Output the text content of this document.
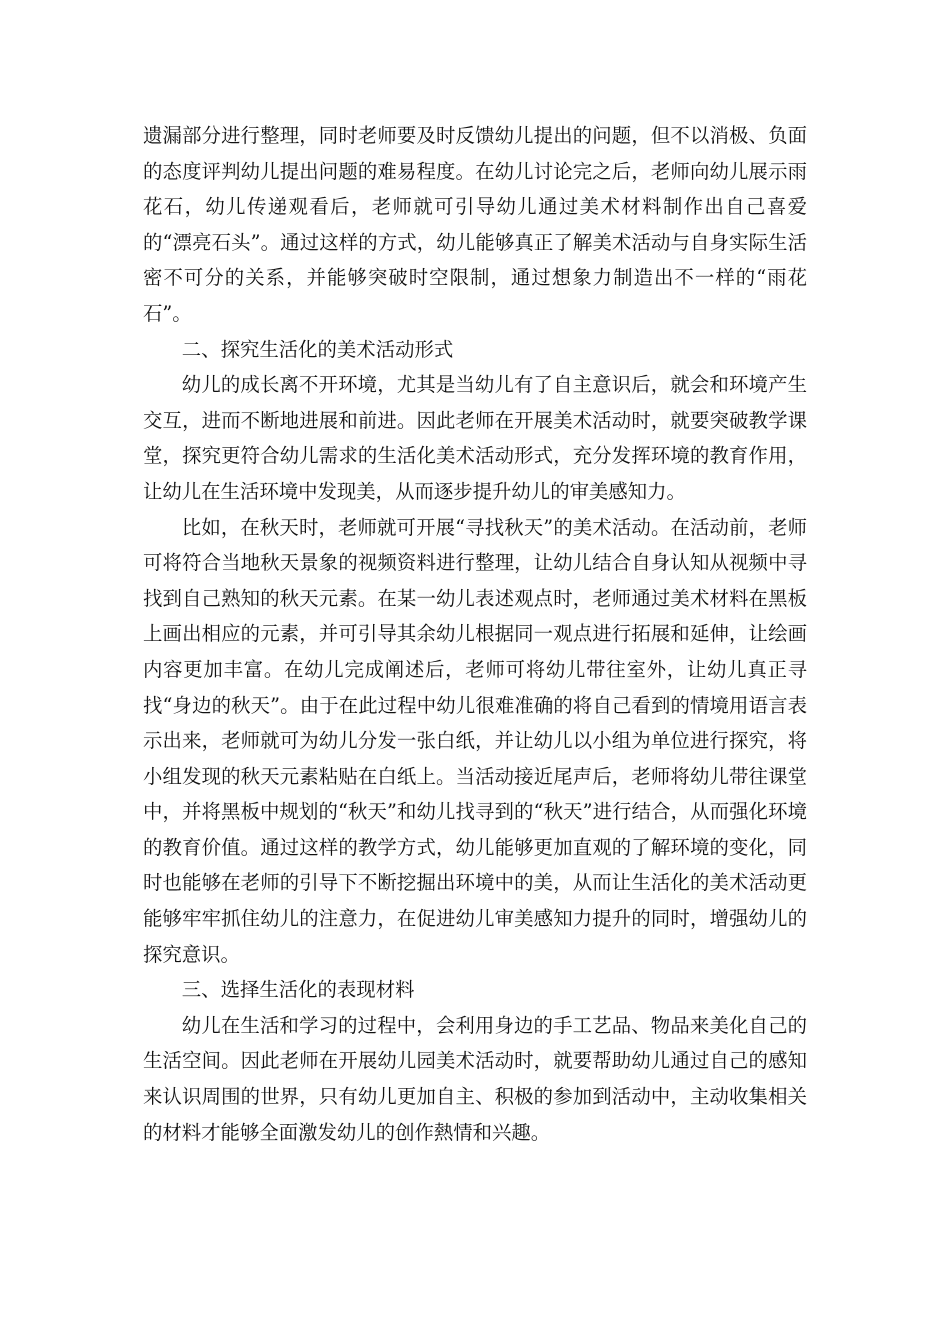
遗漏部分进行整理，同时老师要及时反馈幼儿提出的问题，但不以消极、负面的态度评判幼儿提出问题的难易程度。在幼儿讨论完之后，老师向幼儿展示雨花石，幼儿传递观看后，老师就可引导幼儿通过美术材料制作出自己喜爱的“漂亮石头”。通过这样的方式，幼儿能够真正了解美术活动与自身实际生活密不可分的关系，并能够突破时空限制，通过想象力制造出不一样的“雨花石”。

二、探究生活化的美术活动形式

幼儿的成长离不开环境，尤其是当幼儿有了自主意识后，就会和环境产生交互，进而不断地进展和前进。因此老师在开展美术活动时，就要突破教学课堂，探究更符合幼儿需求的生活化美术活动形式，充分发挥环境的教育作用，让幼儿在生活环境中发现美，从而逐步提升幼儿的审美感知力。

比如，在秋天时，老师就可开展“寻找秋天”的美术活动。在活动前，老师可将符合当地秋天景象的视频资料进行整理，让幼儿结合自身认知从视频中寻找到自己熟知的秋天元素。在某一幼儿表述观点时，老师通过美术材料在黑板上画出相应的元素，并可引导其余幼儿根据同一观点进行拓展和延伸，让绘画内容更加丰富。在幼儿完成阐述后，老师可将幼儿带往室外，让幼儿真正寻找“身边的秋天”。由于在此过程中幼儿很难准确的将自己看到的情境用语言表示出来，老师就可为幼儿分发一张白纸，并让幼儿以小组为单位进行探究，将小组发现的秋天元素粘贴在白纸上。当活动接近尾声后，老师将幼儿带往课堂中，并将黑板中规划的“秋天”和幼儿找寻到的“秋天”进行结合，从而强化环境的教育价值。通过这样的教学方式，幼儿能够更加直观的了解环境的变化，同时也能够在老师的引导下不断挖掘出环境中的美，从而让生活化的美术活动更能够牢牢抓住幼儿的注意力，在促进幼儿审美感知力提升的同时，增强幼儿的探究意识。

三、选择生活化的表现材料

幼儿在生活和学习的过程中，会利用身边的手工艺品、物品来美化自己的生活空间。因此老师在开展幼儿园美术活动时，就要帮助幼儿通过自己的感知来认识周围的世界，只有幼儿更加自主、积极的参加到活动中，主动收集相关的材料才能够全面激发幼儿的创作熱情和兴趣。
